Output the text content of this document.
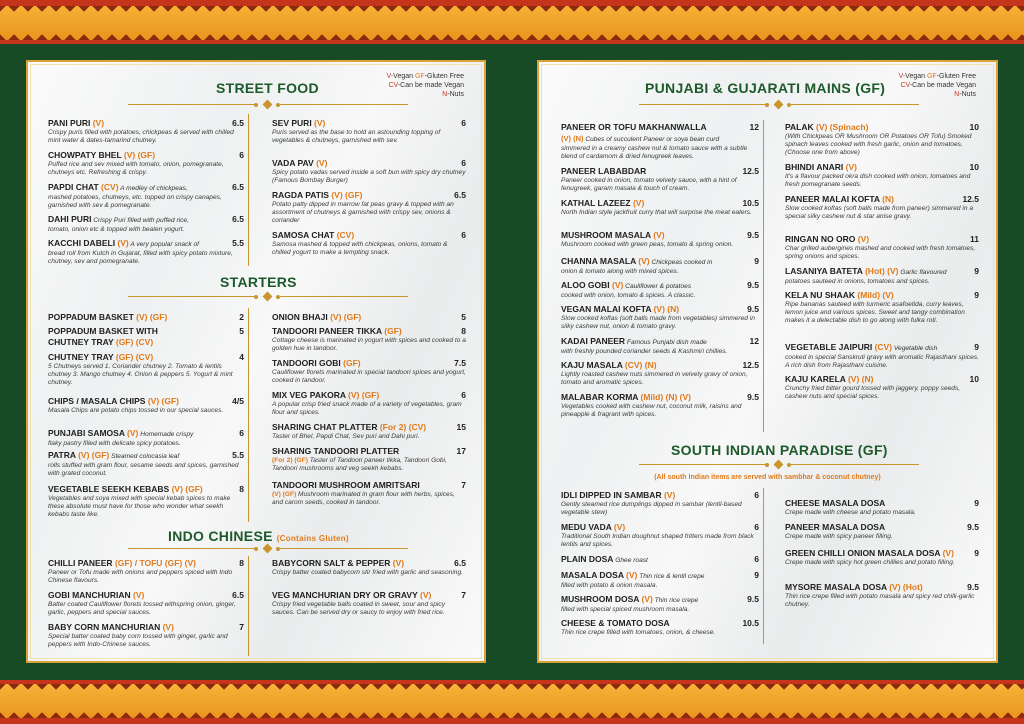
STREET FOOD
V-Vegan GF-Gluten Free
CV-Can be made Vegan
N-Nuts
PANI PURI (V)	6.5
Crispy puris filled with potatoes, chickpeas & served with chilled mint water & dates-tamarind chutney.
CHOWPATY BHEL (V) (GF)	6
Puffed rice and sev mixed with tomato, onion, pomegranate, chutneys etc. Refreshing & crispy.
PAPDI CHAT (CV) A medley of chickpeas,	6.5
mashed potatoes, chutneys, etc. topped on crispy canapes, garnished with sev & pomegranate.
DAHI PURI Crispy Puri filled with puffed rice,	6.5
tomato, onion etc & topped with beaten yogurt.
KACCHI DABELI (V) A very popular snack of	5.5
bread roll from Kutch in Gujarat, filled with spicy potato mixture, chutney, sev and pomegranate.
SEV PURI (V)	6
Puris served as the base to hold an astounding topping of vegetables & chutneys, garnished with sev.
VADA PAV (V)	6
Spicy potato vadas served inside a soft bun with spicy dry chutney (Famous Bombay Burger)
RAGDA PATIS (V) (GF)	6.5
Potato patty dipped in marrow fat peas gravy & topped with an assortment of chutneys & garnished with crispy sev, onions & coriander
SAMOSA CHAT (CV)	6
Samosa mashed & topped with chickpeas, onions, tomato & chilled yogurt to make a tempting snack.
STARTERS
POPPADUM BASKET (V) (GF)	2
POPPADUM BASKET WITH
CHUTNEY TRAY (GF) (CV)
5
CHUTNEY TRAY (GF) (CV)	4
5 Chutneys served 1. Coriander chutney 2. Tomato & lentils chutney 3. Mango chutney 4. Onion & peppers 5. Yogurt & mint chutney.
CHIPS / MASALA CHIPS (V) (GF)	4/5
Masala Chips are potato chips tossed in our special sauces.
PUNJABI SAMOSA (V) Homemade crispy	6
flaky pastry filled with delicate spicy potatoes.
PATRA (V) (GF) Steamed colocasia leaf	5.5
rolls stuffed with gram flour, sesame seeds and spices, garnished with grated coconut.
VEGETABLE SEEKH KEBABS (V) (GF)	8
Vegetables and soya mixed with special kebab spices to make these absolute must have for those who wonder what seekh kebabs taste like.
ONION BHAJI (V) (GF)	5
TANDOORI PANEER TIKKA (GF)	8
Cottage cheese is marinated in yogurt with spices and cooked to a golden hue in tandoor.
TANDOORI GOBI (GF)	7.5
Cauliflower florets marinated in special tandoori spices and yogurt, cooked in tandoor.
MIX VEG PAKORA (V) (GF)	6
A popular crisp fried snack made of a variety of vegetables, gram flour and spices.
SHARING CHAT PLATTER (For 2) (CV)	15
Taster of Bhel, Papdi Chat, Sev puri and Dahi puri.
SHARING TANDOORI PLATTER	17
(For 2) (GF) Taster of Tandoori paneer tikka, Tandoori Gobi, Tandoori mushrooms and veg seekh kebabs.
TANDOORI MUSHROOM AMRITSARI	7
(V) (GF) Mushroom marinated in gram flour with herbs, spices, and carom seeds, cooked in tandoor.
INDO CHINESE (Contains Gluten)
CHILLI PANEER (GF) / TOFU (GF) (V)	8
Paneer or Tofu made with onions and peppers spiced with Indo Chinese flavours.
GOBI MANCHURIAN (V)	6.5
Batter coated Cauliflower florets tossed withspring onion, ginger, garlic, peppers and special sauces.
BABY CORN MANCHURIAN (V)	7
Special batter coated baby corn tossed with ginger, garlic and peppers with Indo-Chinese sauces.
BABYCORN SALT & PEPPER (V)	6.5
Crispy batter coated babycorn stir fried with garlic and seasoning.
VEG MANCHURIAN DRY OR GRAVY (V)	7
Crispy fried vegetable balls coated in sweet, sour and spicy sauces. Can be served dry or saucy to enjoy with fried rice.
PUNJABI & GUJARATI MAINS (GF)
V-Vegan GF-Gluten Free
CV-Can be made Vegan
N-Nuts
PANEER OR TOFU MAKHANWALLA	12
(V) (N) Cubes of succulent Paneer or soya bean curd
simmered in a creamy cashew nut & tomato sauce with a subtle blend of cardamom & dried fenugreek leaves.
PANEER LABABDAR	12.5
Paneer cooked in onion, tomato velvety sauce, with a hint of fenugreek, garam masala & touch of cream.
KATHAL LAZEEZ (V)	10.5
North Indian style jackfruit curry that will surprise the meat eaters.
MUSHROOM MASALA (V)	9.5
Mushroom cooked with green peas, tomato & spring onion.
CHANNA MASALA (V) Chickpeas cooked in	9
onion & tomato along with mixed spices.
ALOO GOBI (V) Cauliflower & potatoes	9.5
cooked with onion, tomato & spices. A classic.
VEGAN MALAI KOFTA (V) (N)	9.5
Slow cooked koftas (soft balls made from vegetables) simmered in silky cashew nut, onion & tomato gravy.
KADAI PANEER Famous Punjabi dish made	12
with freshly pounded coriander seeds & Kashmiri chillies.
KAJU MASALA (CV) (N)	12.5
Lightly roasted cashew nuts simmered in velvety gravy of onion, tomato and aromatic spices.
MALABAR KORMA (Mild) (N) (V)	9.5
Vegetables cooked with cashew nut, coconut milk, raisins and pineapple & fragrant with spices.
PALAK (V) (Spinach)	10
(With Chickpeas OR Mushroom OR Potatoes OR Tofu) Smoked spinach leaves cooked with fresh garlic, onion and tomatoes. (Choose one from above)
BHINDI ANARI (V)	10
It's a flavour packed okra dish cooked with onion, tomatoes and fresh pomegranate seeds.
PANEER MALAI KOFTA (N)	12.5
Slow cooked koftas (soft balls made from paneer) simmered in a special silky cashew nut & star anise gravy.
RINGAN NO ORO (V)	11
Char grilled aubergines mashed and cooked with fresh tomatoes, spring onions and spices.
LASANIYA BATETA (Hot) (V) Garlic flavoured	9
potatoes sauteed in onions, tomatoes and spices.
KELA NU SHAAK (Mild) (V)	9
Ripe bananas sauteed with turmeric asafoetida, curry leaves, lemon juice and various spices. Sweet and tangy combination makes it a delectable dish to go along with fulka roti.
VEGETABLE JAIPURI (CV) Vegetable dish	9
cooked in special Sanskruti gravy with aromatic Rajasthani spices. A rich dish from Rajasthani cuisine.
KAJU KARELA (V) (N)	10
Crunchy fried bitter gourd tossed with jaggery, poppy seeds, cashew nuts and special spices.
SOUTH INDIAN PARADISE (GF)
(All south Indian items are served with sambhar & coconut chutney)
IDLI DIPPED IN SAMBAR (V)	6
Gently steamed rice dumplings dipped in sambar (lentil-based vegetable stew)
MEDU VADA (V)	6
Traditional South Indian doughnut shaped fritters made from black lentils and spices.
PLAIN DOSA Ghee roast	6
MASALA DOSA (V) Thin rice & lentil crepe	9
filled with potato & onion masala.
MUSHROOM DOSA (V) Thin rice crepe	9.5
filled with special spiced mushroom masala.
CHEESE & TOMATO DOSA	10.5
Thin rice crepe filled with tomatoes, onion, & cheese.
CHEESE MASALA DOSA	9
Crepe made with cheese and potato masala.
PANEER MASALA DOSA	9.5
Crepe made with spicy paneer filling.
GREEN CHILLI ONION MASALA DOSA (V)	9
Crepe made with spicy hot green chillies and potato filling.
MYSORE MASALA DOSA (V) (Hot)	9.5
Thin rice crepe filled with potato masala and spicy red chilli-garlic chutney.
